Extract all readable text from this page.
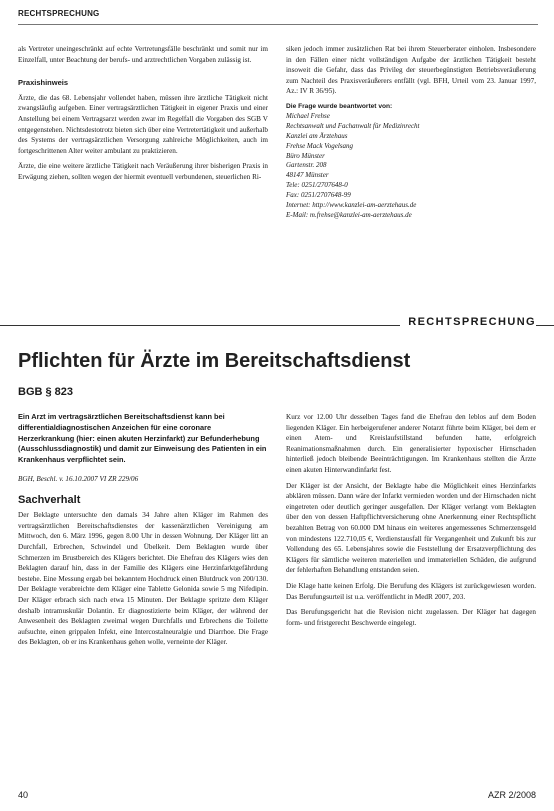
RECHTSPRECHUNG

als Vertreter uneingeschränkt auf echte Vertretungsfälle beschränkt und somit nur im Einzelfall, unter Beachtung der berufs- und arztrechtlichen Vorgaben zulässig ist.

Praxishinweis

Ärzte, die das 68. Lebensjahr vollendet haben, müssen ihre ärztliche Tätigkeit nicht zwangsläufig aufgeben. Einer vertragsärztlichen Tätigkeit in eigener Praxis und einer Anstellung bei einem Vertragsarzt werden zwar im Regelfall die Vorgaben des SGB V entgegenstehen. Nichtsdestotrotz bieten sich über eine Vertretertätigkeit und außerhalb des Systems der vertragsärztlichen Versorgung zahlreiche Möglichkeiten, auch im fortgeschrittenen Alter weiter ambulant zu praktizieren.

Ärzte, die eine weitere ärztliche Tätigkeit nach Veräußerung ihrer bisherigen Praxis in Erwägung ziehen, sollten wegen der hiermit eventuell verbundenen, steuerlichen Ri-

siken jedoch immer zusätzlichen Rat bei ihrem Steuerberater einholen. Insbesondere in den Fällen einer nicht vollständigen Aufgabe der ärztlichen Tätigkeit besteht insoweit die Gefahr, dass das Privileg der steuerbegünstigten Betriebsveräußerung zum Nachteil des Praxisveräußerers entfällt (vgl. BFH, Urteil vom 23. Januar 1997, Az.: IV R 36/95).

Die Frage wurde beantwortet von:
Michael Frehse
Rechtsanwalt und Fachanwalt für Medizinrecht
Kanzlei am Ärztehaus
Frehse Mack Vogelsang
Büro Münster
Gartenstr. 208
48147 Münster
Tele: 0251/2707648-0
Fax: 0251/2707648-99
Internet: http://www.kanzlei-am-aerztehaus.de
E-Mail: m.frehse@kanzlei-am-aerztehaus.de
RECHTSPRECHUNG
Pflichten für Ärzte im Bereitschaftsdienst
BGB § 823

Ein Arzt im vertragsärztlichen Bereitschaftsdienst kann bei differentialdiagnostischen Anzeichen für eine coronare Herzerkrankung (hier: einen akuten Herzinfarkt) zur Befunderhebung (Ausschlussdiagnostik) und damit zur Einweisung des Patienten in ein Krankenhaus verpflichtet sein.

BGH, Beschl. v. 16.10.2007 VI ZR 229/06
Sachverhalt

Der Beklagte untersuchte den damals 34 Jahre alten Kläger im Rahmen des vertragsärztlichen Bereitschaftsdienstes der kassenärztlichen Vereinigung am Mittwoch, den 6. März 1996, gegen 8.00 Uhr in dessen Wohnung. Der Kläger litt an Durchfall, Erbrechen, Schwindel und Übelkeit. Dem Beklagten wurde über Schmerzen im Brustbereich des Klägers berichtet. Die Ehefrau des Klägers wies den Beklagten darauf hin, dass in der Familie des Klägers eine Herzinfarktgefährdung bestehe. Eine Messung ergab bei bekanntem Hochdruck einen Blutdruck von 200/130. Der Beklagte verabreichte dem Kläger eine Tablette Gelonida sowie 5 mg Nifedipin. Der Kläger erbrach sich nach etwa 15 Minuten. Der Beklagte spritzte dem Kläger deshalb intramuskulär Dolantin. Er diagnostizierte beim Kläger, der während der Anwesenheit des Beklagten zweimal wegen Durchfalls und Erbrechens die Toilette aufsuchte, einen grippalen Infekt, eine Intercostalneuralgie und Diarrhoe. Die Frage des Beklagten, ob er ins Krankenhaus gehen wolle, verneinte der Kläger.

Kurz vor 12.00 Uhr desselben Tages fand die Ehefrau den leblos auf dem Boden liegenden Kläger. Ein herbeigerufener anderer Notarzt führte beim Kläger, bei dem er einen Atem- und Kreislaufstillstand befunden hatte, erfolgreich Reanimationsmaßnahmen durch. Ein generalisierter hypoxischer Hirnschaden hinterließ jedoch bleibende Beeinträchtigungen. Im Krankenhaus stellten die Ärzte einen akuten Hinterwandinfarkt fest.

Der Kläger ist der Ansicht, der Beklagte habe die Möglichkeit eines Herzinfarkts abklären müssen. Dann wäre der Infarkt vermieden worden und der Hirnschaden nicht eingetreten oder deutlich geringer ausgefallen. Der Kläger verlangt vom Beklagten über den von dessen Haftpflichtversicherung ohne Anerkennung einer Rechtspflicht bezahlten Betrag von 60.000 DM hinaus ein weiteres angemessenes Schmerzensgeld von mindestens 122.710,05 €, Verdienstausfall für Vergangenheit und Zukunft bis zur Vollendung des 65. Lebensjahres sowie die Feststellung der Ersatzverpflichtung des Klägers für sämtliche weiteren materiellen und immateriellen Schäden, die aufgrund der fehlerhaften Behandlung entstanden seien.

Die Klage hatte keinen Erfolg. Die Berufung des Klägers ist zurückgewiesen worden. Das Berufungsurteil ist u.a. veröffentlicht in MedR 2007, 203.

Das Berufungsgericht hat die Revision nicht zugelassen. Der Kläger hat dagegen form- und fristgerecht Beschwerde eingelegt.

40	AZR 2/2008
